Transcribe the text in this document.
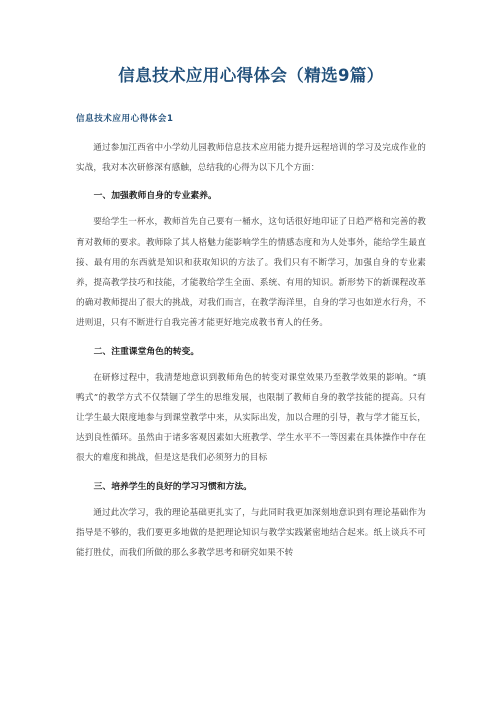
信息技术应用心得体会（精选9篇）
信息技术应用心得体会1

通过参加江西省中小学幼儿园教师信息技术应用能力提升远程培训的学习及完成作业的实战，我对本次研修深有感触，总结我的心得为以下几个方面：

一、加强教师自身的专业素养。

要给学生一杯水，教师首先自己要有一桶水，这句话很好地印证了日趋严格和完善的教育对教师的要求。教师除了其人格魅力能影响学生的情感态度和为人处事外，能给学生最直接、最有用的东西就是知识和获取知识的方法了。我们只有不断学习，加强自身的专业素养，提高教学技巧和技能，才能教给学生全面、系统、有用的知识。新形势下的新课程改革的确对教师提出了很大的挑战，对我们而言，在教学海洋里，自身的学习也如逆水行舟，不进则退，只有不断进行自我完善才能更好地完成教书育人的任务。

二、注重课堂角色的转变。

在研修过程中，我清楚地意识到教师角色的转变对课堂效果乃至教学效果的影响。“填鸭式”的教学方式不仅禁锢了学生的思维发展，也限制了教师自身的教学技能的提高。只有让学生最大限度地参与到课堂教学中来，从实际出发，加以合理的引导，教与学才能互长，达到良性循环。虽然由于诸多客观因素如大班教学、学生水平不一等因素在具体操作中存在很大的难度和挑战，但是这是我们必须努力的目标

三、培养学生的良好的学习习惯和方法。

通过此次学习，我的理论基础更扎实了，与此同时我更加深刻地意识到有理论基础作为指导是不够的，我们要更多地做的是把理论知识与教学实践紧密地结合起来。纸上谈兵不可能打胜仗，而我们所做的那么多教学思考和研究如果不转
